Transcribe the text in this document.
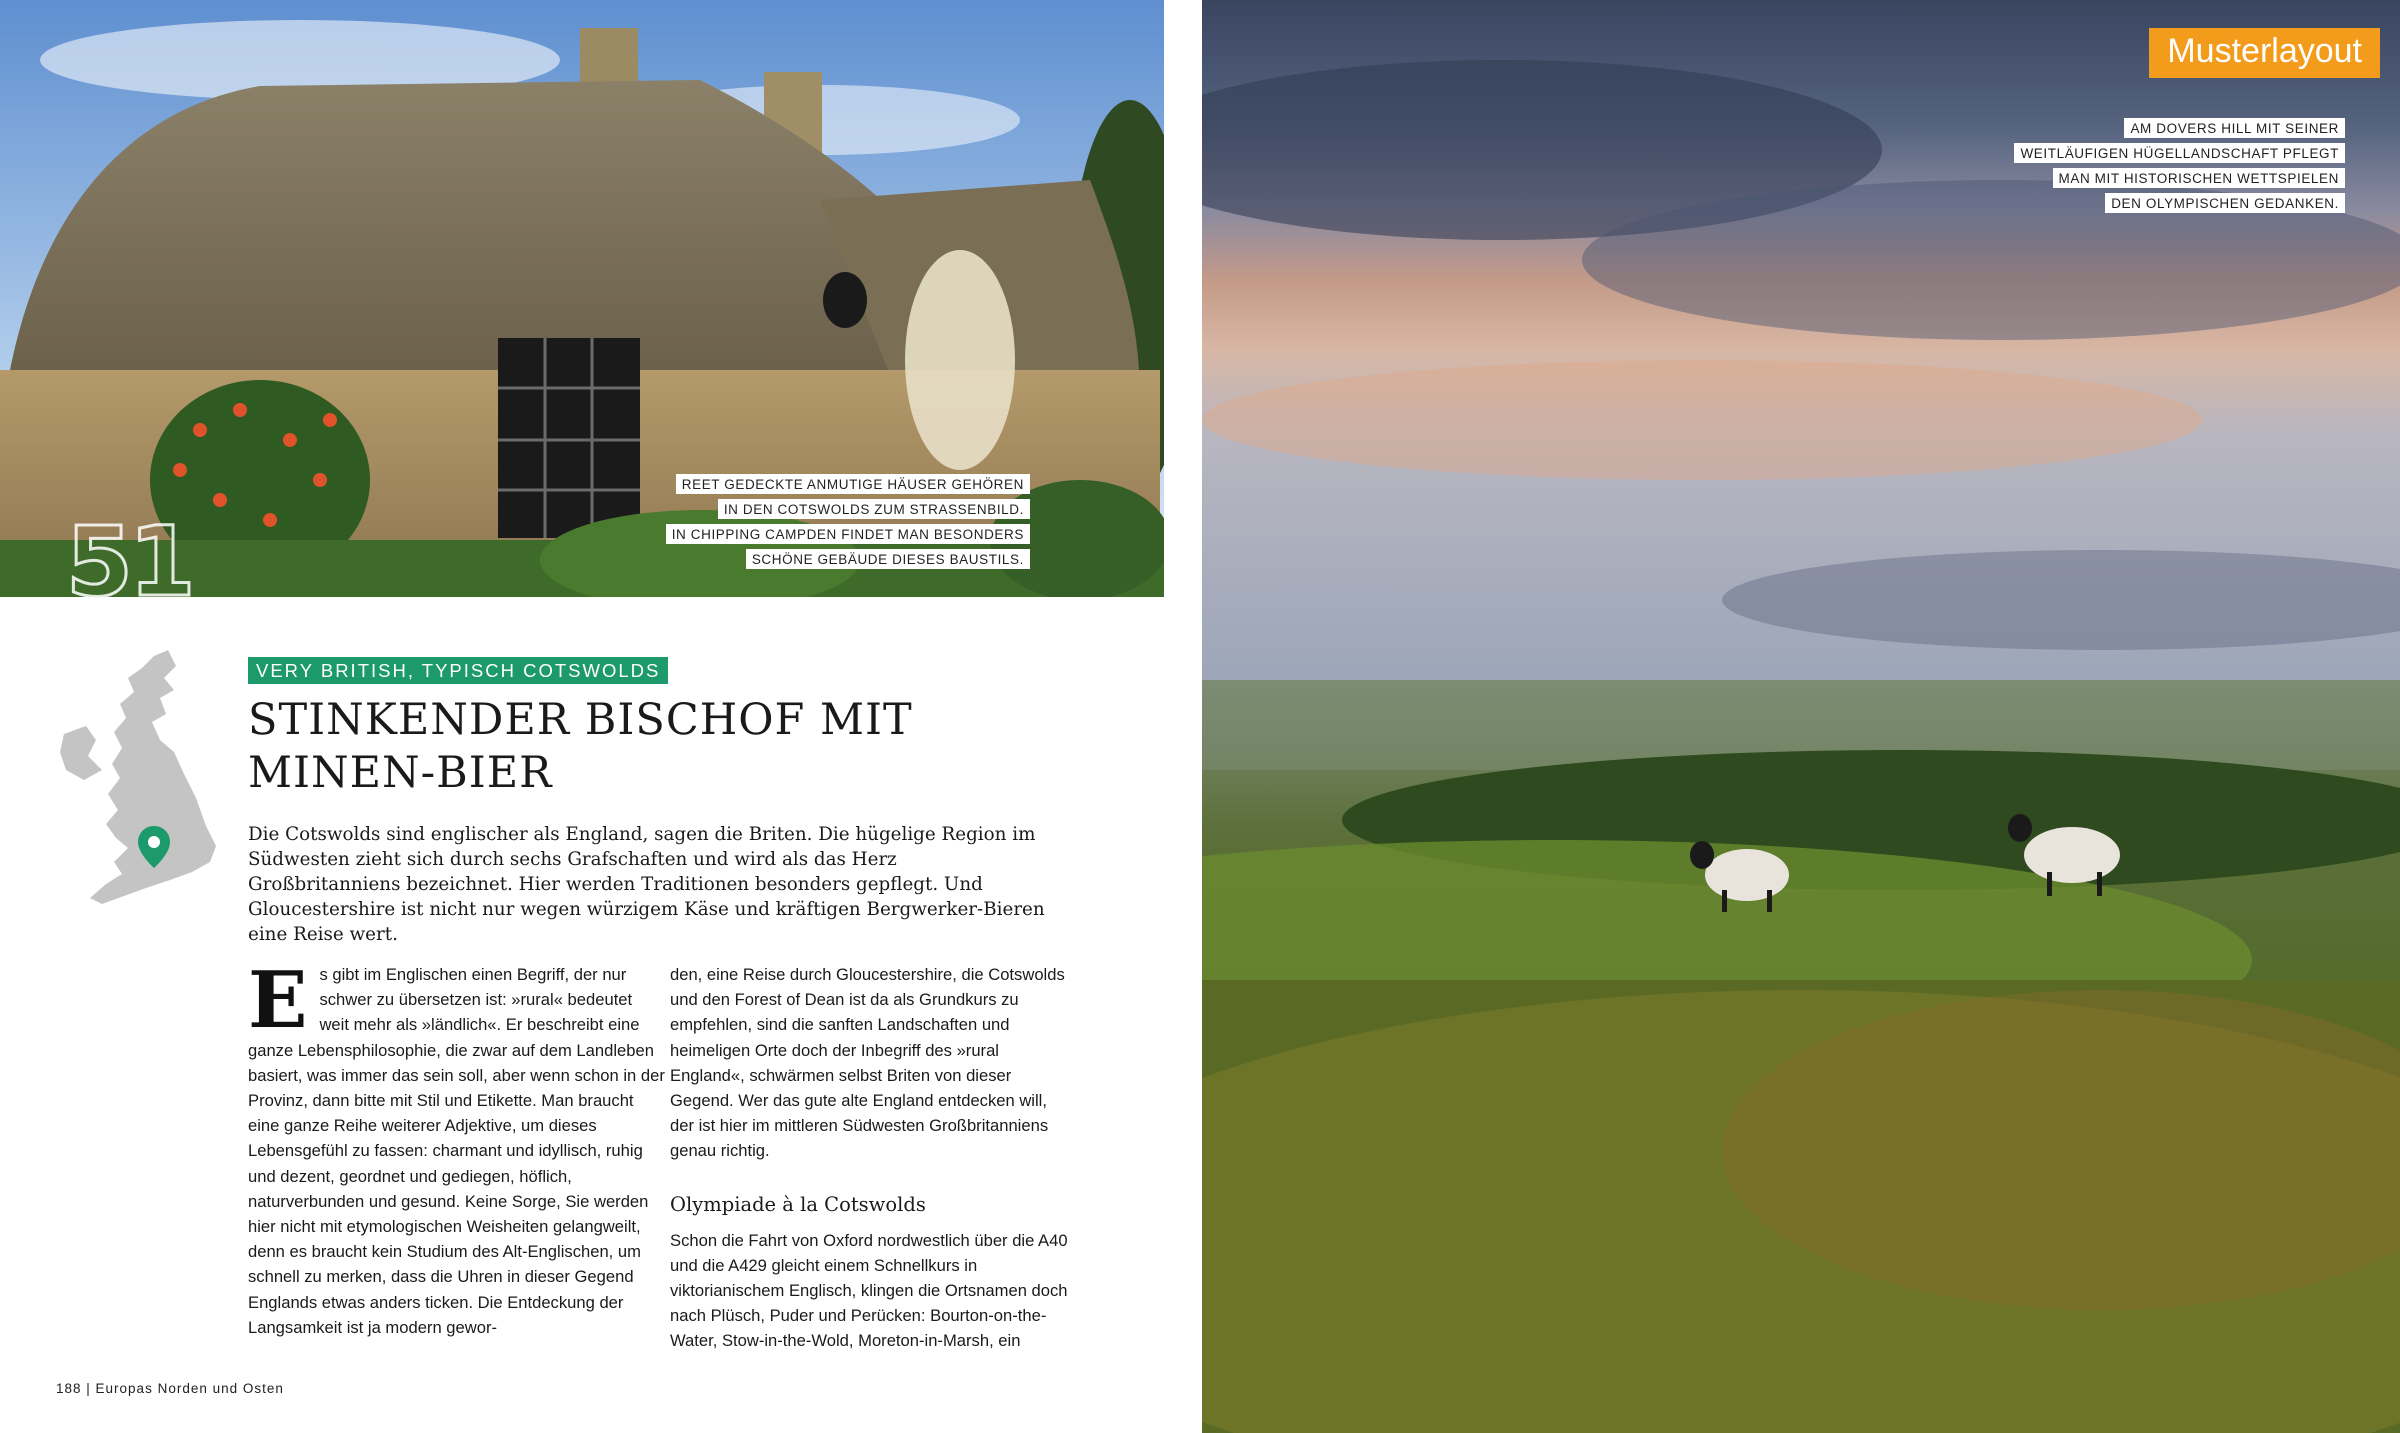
51
REET GEDECKTE ANMUTIGE HÄUSER GEHÖREN
IN DEN COTSWOLDS ZUM STRASSENBILD.
IN CHIPPING CAMPDEN FINDET MAN BESONDERS
SCHÖNE GEBÄUDE DIESES BAUSTILS.
VERY BRITISH, TYPISCH COTSWOLDS
STINKENDER BISCHOF MIT MINEN-BIER

Die Cotswolds sind englischer als England, sagen die Briten. Die hügelige Region im Südwesten zieht sich durch sechs Grafschaften und wird als das Herz Großbritanniens bezeichnet. Hier werden Traditionen besonders gepflegt. Und Gloucestershire ist nicht nur wegen würzigem Käse und kräftigen Bergwerker-Bieren eine Reise wert.

E s gibt im Englischen einen Begriff, der nur schwer zu übersetzen ist: »rural« bedeutet weit mehr als »ländlich«. Er beschreibt eine ganze Lebensphilosophie, die zwar auf dem Landleben basiert, was immer das sein soll, aber wenn schon in der Provinz, dann bitte mit Stil und Etikette. Man braucht eine ganze Reihe weiterer Adjektive, um dieses Lebensgefühl zu fassen: charmant und idyllisch, ruhig und dezent, geordnet und gediegen, höflich, naturverbunden und gesund. Keine Sorge, Sie werden hier nicht mit etymologischen Weisheiten gelangweilt, denn es braucht kein Studium des Alt-Englischen, um schnell zu merken, dass die Uhren in dieser Gegend Englands etwas anders ticken. Die Entdeckung der Langsamkeit ist ja modern gewor-

den, eine Reise durch Gloucestershire, die Cotswolds und den Forest of Dean ist da als Grundkurs zu empfehlen, sind die sanften Landschaften und heimeligen Orte doch der Inbegriff des »rural England«, schwärmen selbst Briten von dieser Gegend. Wer das gute alte England entdecken will, der ist hier im mittleren Südwesten Großbritanniens genau richtig.

Olympiade à la Cotswolds

Schon die Fahrt von Oxford nordwestlich über die A40 und die A429 gleicht einem Schnellkurs in viktorianischem Englisch, klingen die Ortsnamen doch nach Plüsch, Puder und Perücken: Bourton-on-the-Water, Stow-in-the-Wold, Moreton-in-Marsh, ein

188 | Europas Norden und Osten
Musterlayout
AM DOVERS HILL MIT SEINER
WEITLÄUFIGEN HÜGELLANDSCHAFT PFLEGT
MAN MIT HISTORISCHEN WETTSPIELEN
DEN OLYMPISCHEN GEDANKEN.
